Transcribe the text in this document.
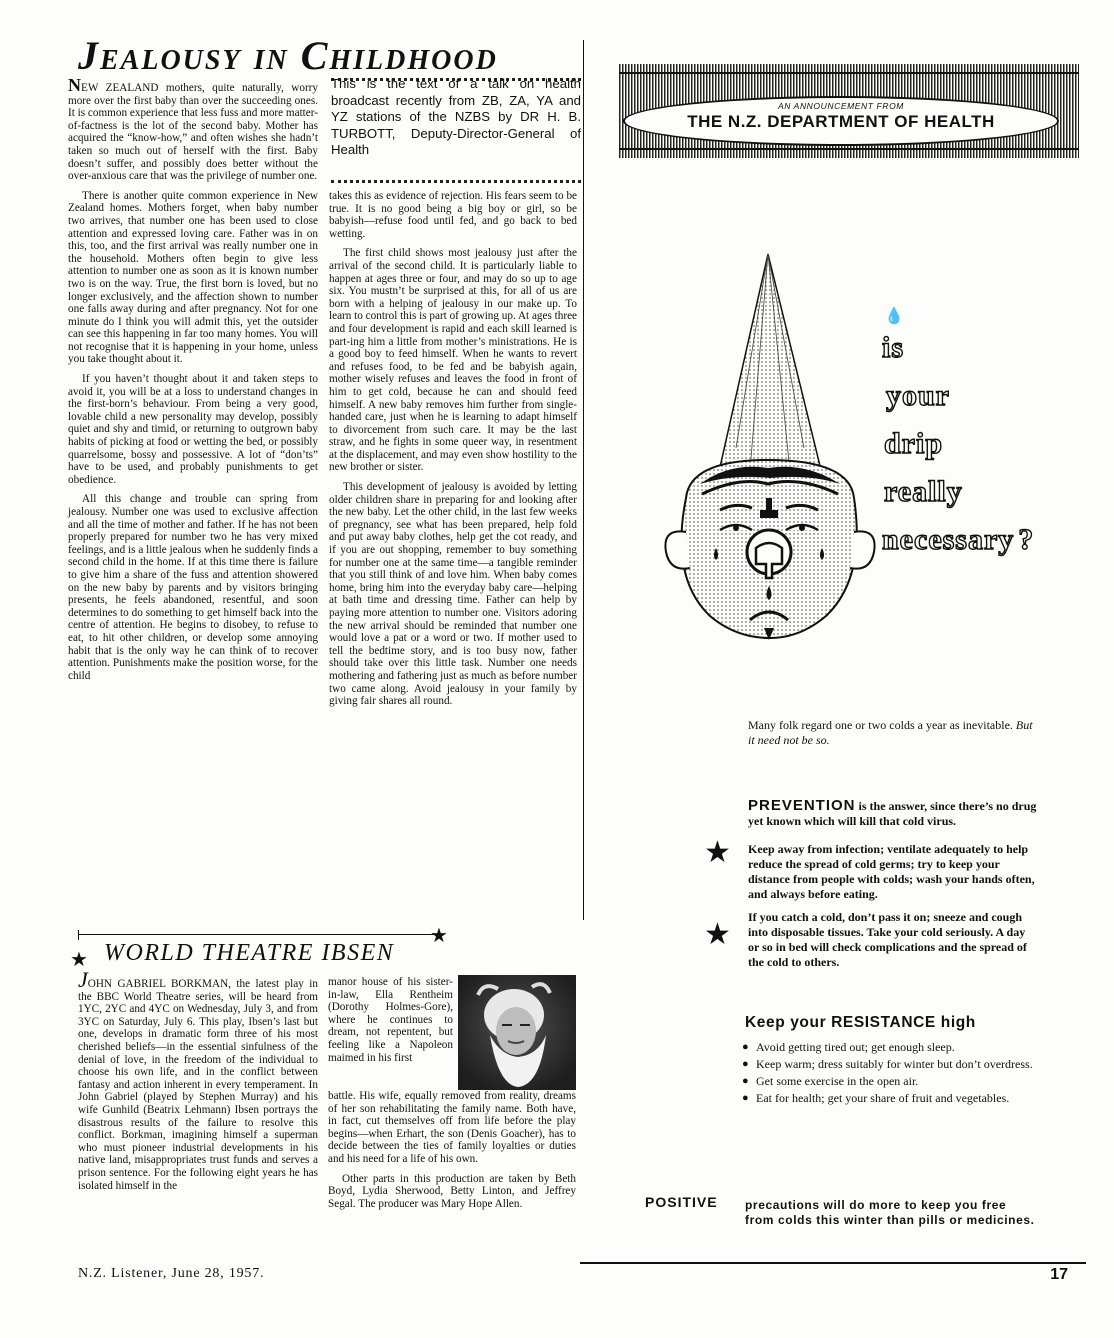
Jealousy in Childhood

NEW ZEALAND mothers, quite naturally, worry more over the first baby than over the succeeding ones. It is common experience that less fuss and more matter-of-factness is the lot of the second baby. Mother has acquired the “know-how,” and often wishes she hadn’t taken so much out of herself with the first. Baby doesn’t suffer, and possibly does better without the over-anxious care that was the privilege of number one.

There is another quite common experience in New Zealand homes. Mothers forget, when baby number two arrives, that number one has been used to close attention and expressed loving care. Father was in on this, too, and the first arrival was really number one in the household. Mothers often begin to give less attention to number one as soon as it is known number two is on the way. True, the first born is loved, but no longer exclusively, and the affection shown to number one falls away during and after pregnancy. Not for one minute do I think you will admit this, yet the outsider can see this happening in far too many homes. You will not recognise that it is happening in your home, unless you take thought about it.

If you haven’t thought about it and taken steps to avoid it, you will be at a loss to understand changes in the first-born’s behaviour. From being a very good, lovable child a new personality may develop, possibly quiet and shy and timid, or returning to outgrown baby habits of picking at food or wetting the bed, or possibly quarrelsome, bossy and possessive. A lot of “don’ts” have to be used, and probably punishments to get obedience.

All this change and trouble can spring from jealousy. Number one was used to exclusive affection and all the time of mother and father. If he has not been properly prepared for number two he has very mixed feelings, and is a little jealous when he suddenly finds a second child in the home. If at this time there is failure to give him a share of the fuss and attention showered on the new baby by parents and by visitors bringing presents, he feels abandoned, resentful, and soon determines to do something to get himself back into the centre of attention. He begins to disobey, to refuse to eat, to hit other children, or develop some annoying habit that is the only way he can think of to recover attention. Punishments make the position worse, for the child

This is the text of a talk on health broadcast recently from ZB, ZA, YA and YZ stations of the NZBS by DR H. B. TURBOTT, Deputy-Director-General of Health

takes this as evidence of rejection. His fears seem to be true. It is no good being a big boy or girl, so be babyish—refuse food until fed, and go back to bed wetting.

The first child shows most jealousy just after the arrival of the second child. It is particularly liable to happen at ages three or four, and may do so up to age six. You mustn’t be surprised at this, for all of us are born with a helping of jealousy in our make up. To learn to control this is part of growing up. At ages three and four development is rapid and each skill learned is part-ing him a little from mother’s ministrations. He is a good boy to feed himself. When he wants to revert and refuses food, to be fed and be babyish again, mother wisely refuses and leaves the food in front of him to get cold, because he can and should feed himself. A new baby removes him further from single-handed care, just when he is learning to adapt himself to divorcement from such care. It may be the last straw, and he fights in some queer way, in resentment at the displacement, and may even show hostility to the new brother or sister.

This development of jealousy is avoided by letting older children share in preparing for and looking after the new baby. Let the other child, in the last few weeks of pregnancy, see what has been prepared, help fold and put away baby clothes, help get the cot ready, and if you are out shopping, remember to buy something for number one at the same time—a tangible reminder that you still think of and love him. When baby comes home, bring him into the everyday baby care—helping at bath time and dressing time. Father can help by paying more attention to number one. Visitors adoring the new arrival should be reminded that number one would love a pat or a word or two. If mother used to tell the bedtime story, and is too busy now, father should take over this little task. Number one needs mothering and fathering just as much as before number two came along. Avoid jealousy in your family by giving fair shares all round.

★
★ WORLD THEATRE IBSEN

JOHN GABRIEL BORKMAN, the latest play in the BBC World Theatre series, will be heard from 1YC, 2YC and 4YC on Wednesday, July 3, and from 3YC on Saturday, July 6. This play, Ibsen’s last but one, develops in dramatic form three of his most cherished beliefs—in the essential sinfulness of the denial of love, in the freedom of the individual to choose his own life, and in the conflict between fantasy and action inherent in every temperament. In John Gabriel (played by Stephen Murray) and his wife Gunhild (Beatrix Lehmann) Ibsen portrays the disastrous results of the failure to resolve this conflict. Borkman, imagining himself a superman who must pioneer industrial developments in his native land, misappropriates trust funds and serves a prison sentence. For the following eight years he has isolated himself in the

manor house of his sister-in-law, Ella Rentheim (Dorothy Holmes-Gore), where he continues to dream, not repentent, but feeling like a Napoleon maimed in his first

battle. His wife, equally removed from reality, dreams of her son rehabilitating the family name. Both have, in fact, cut themselves off from life before the play begins—when Erhart, the son (Denis Goacher), has to decide between the ties of family loyalties or duties and his need for a life of his own.

Other parts in this production are taken by Beth Boyd, Lydia Sherwood, Betty Linton, and Jeffrey Segal. The producer was Mary Hope Allen.

N.Z. Listener, June 28, 1957.
AN ANNOUNCEMENT FROM
THE N.Z. DEPARTMENT OF HEALTH
💧
is
your
drip
really
necessary ?
Many folk regard one or two colds a year as inevitable. But it need not be so.
PREVENTION is the answer, since there’s no drug yet known which will kill that cold virus.
★ Keep away from infection; ventilate adequately to help reduce the spread of cold germs; try to keep your distance from people with colds; wash your hands often, and always before eating.
★ If you catch a cold, don’t pass it on; sneeze and cough into disposable tissues. Take your cold seriously. A day or so in bed will check complications and the spread of the cold to others.
Keep your RESISTANCE high
● Avoid getting tired out; get enough sleep.
● Keep warm; dress suitably for winter but don’t overdress.
● Get some exercise in the open air.
● Eat for health; get your share of fruit and vegetables.
POSITIVE precautions will do more to keep you free from colds this winter than pills or medicines.
17
